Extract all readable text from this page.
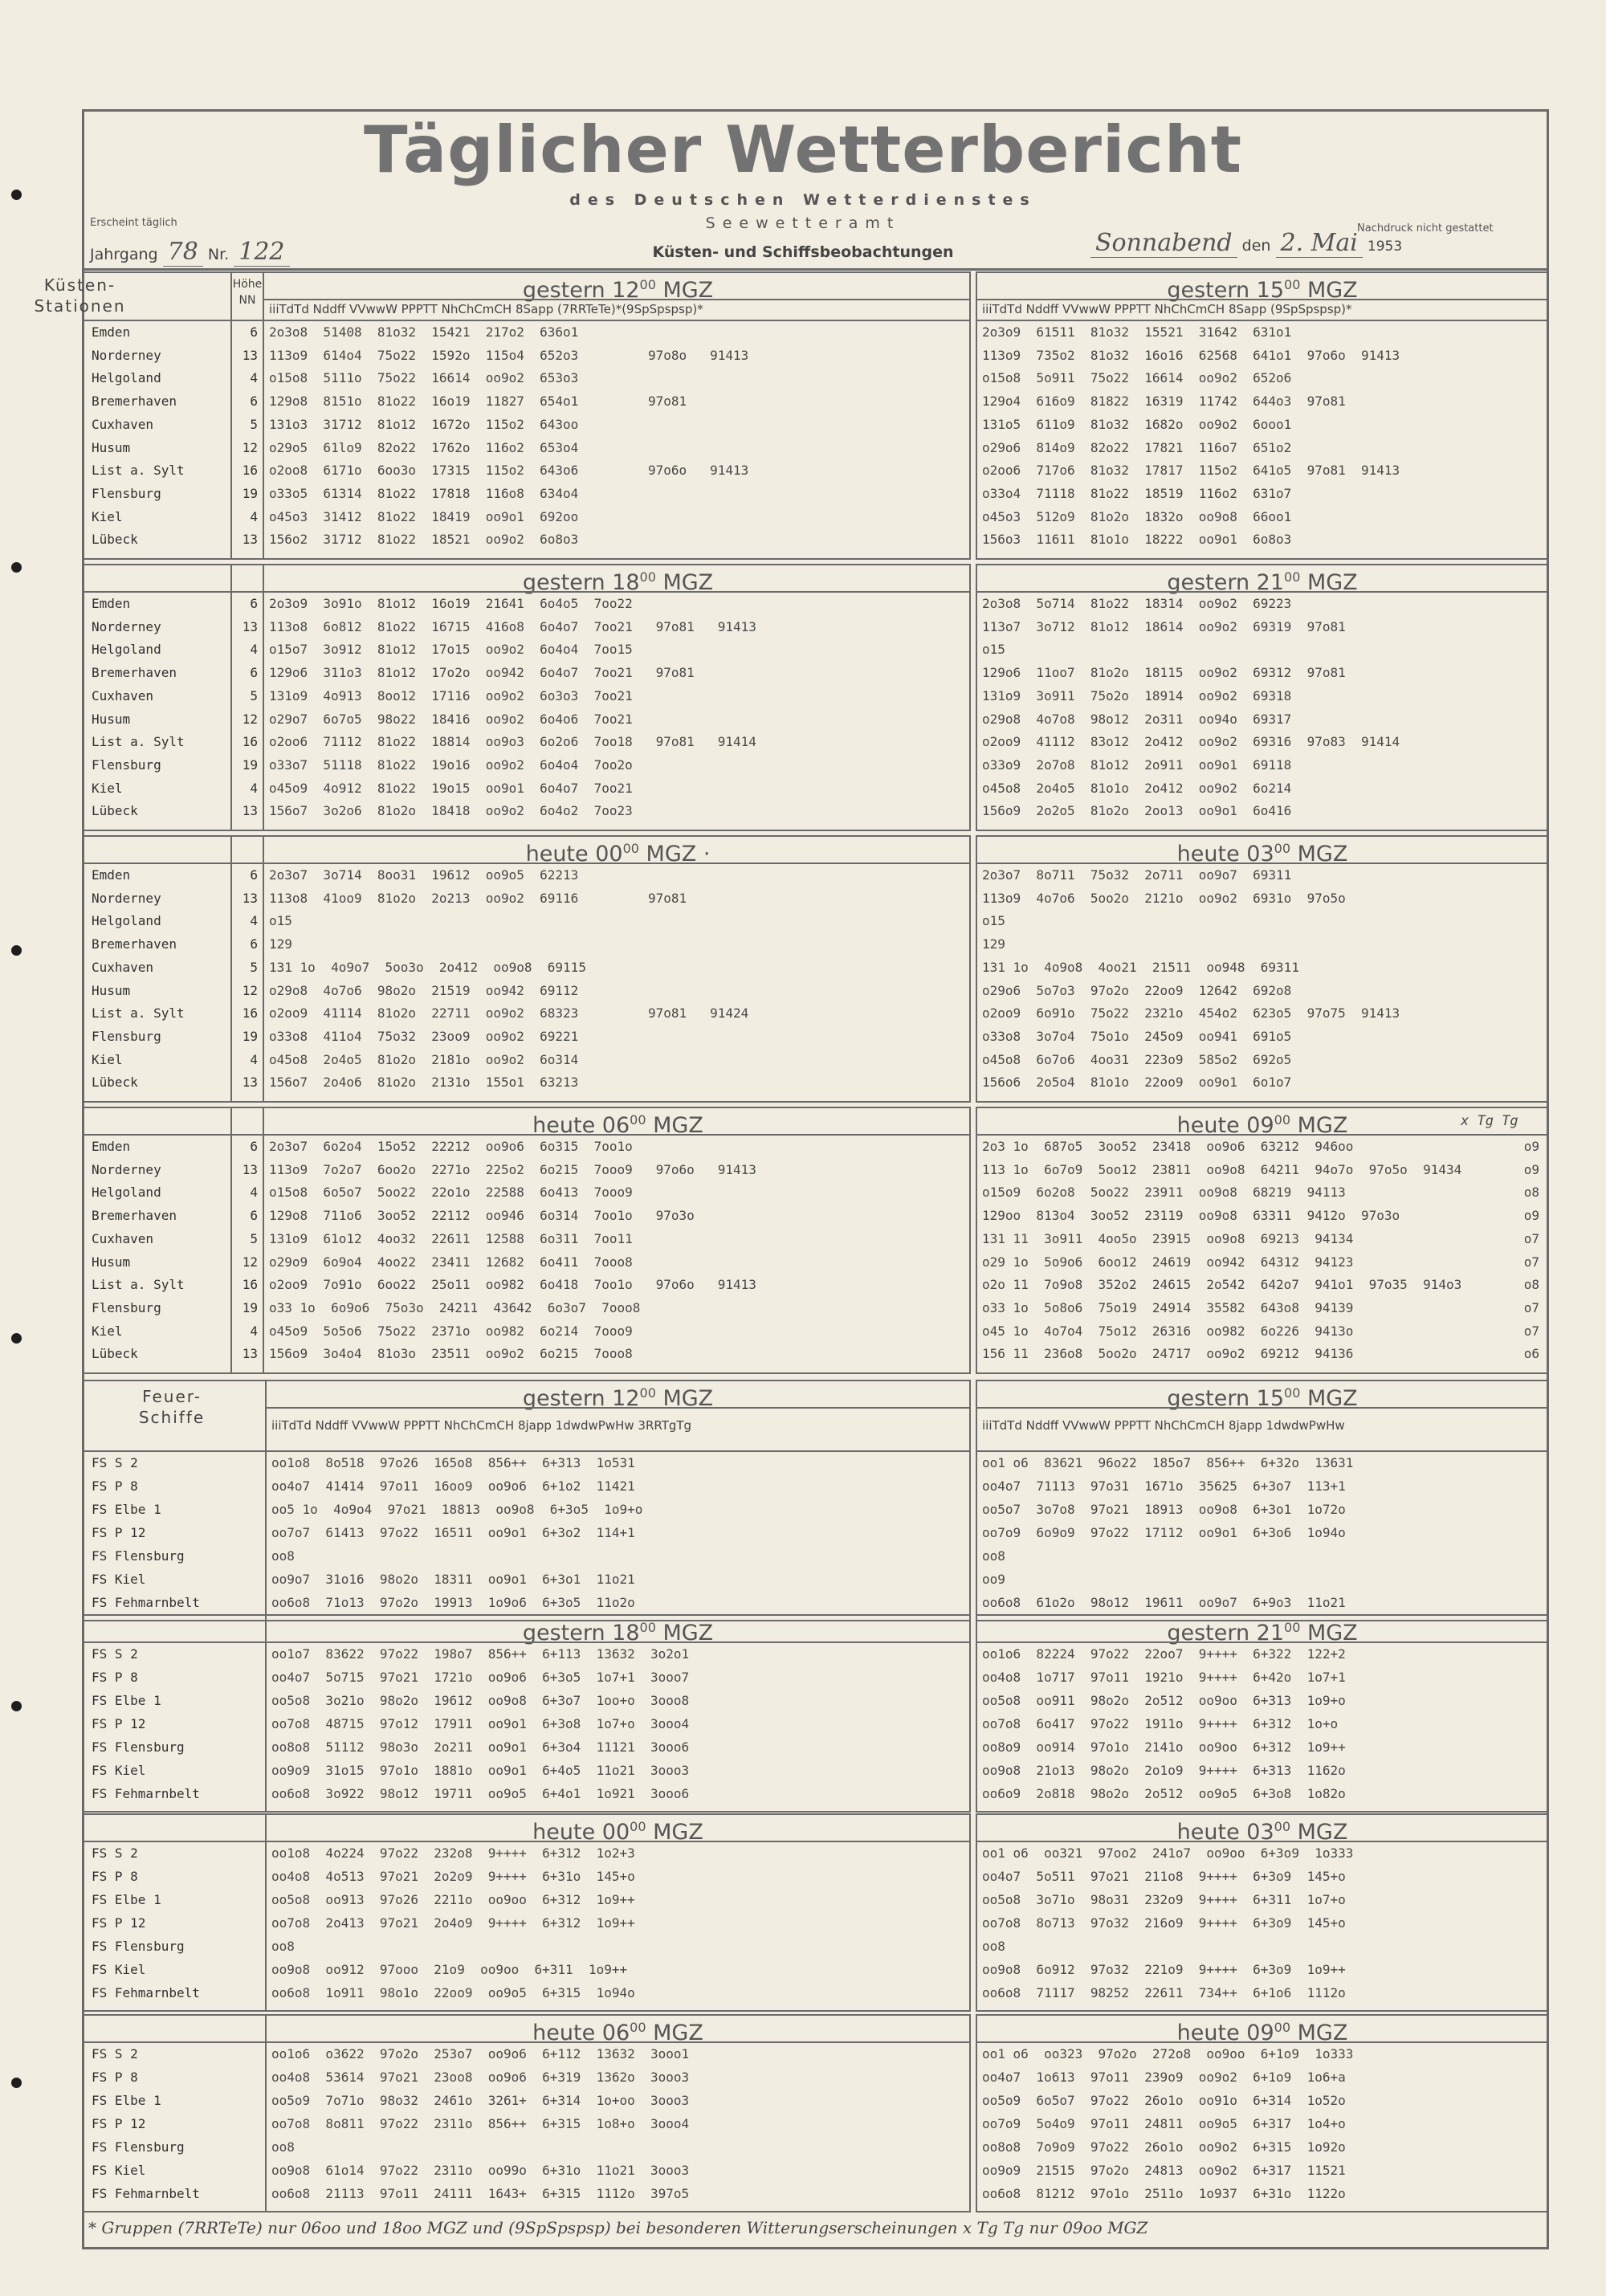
Täglicher Wetterbericht
des Deutschen Wetterdienstes
Seewetteramt
Küsten- und Schiffsbeobachtungen
Erscheint täglich
Jahrgang 78 Nr. 122
Nachdruck nicht gestattet
Sonnabend den 2. Mai 1953
gestern $12^{00}$ MGZ	gestern $15^{00}$ MGZ
Küsten-
Stationen
Höhe
NN
iiiTdTd Nddff VVwwW PPPTT NhChCmCH 8Sapp (7RRTeTe)*(9SpSpspsp)*	iiiTdTd Nddff VVwwW PPPTT NhChCmCH 8Sapp (9SpSpspsp)*
Emden	6 2o3o8  51408  81o32  15421  217o2  636o1	2o3o9  61511  81o32  15521  31642  631o1
Norderney	13 113o9  614o4  75o22  1592o  115o4  652o3         97o8o   91413	113o9  735o2  81o32  16o16  62568  641o1  97o6o  91413
Helgoland	4 o15o8  5111o  75o22  16614  oo9o2  653o3	o15o8  5o911  75o22  16614  oo9o2  652o6
Bremerhaven	6 129o8  8151o  81o22  16o19  11827  654o1         97o81	129o4  616o9  81822  16319  11742  644o3  97o81
Cuxhaven	5 131o3  31712  81o12  1672o  115o2  643oo	131o5  611o9  81o32  1682o  oo9o2  6ooo1
Husum	12 o29o5  61lo9  82o22  1762o  116o2  653o4	o29o6  814o9  82o22  17821  116o7  651o2
List a. Sylt	16 o2oo8  6171o  6oo3o  17315  115o2  643o6         97o6o   91413	o2oo6  717o6  81o32  17817  115o2  641o5  97o81  91413
Flensburg	19 o33o5  61314  81o22  17818  116o8  634o4	o33o4  71118  81o22  18519  116o2  631o7
Kiel	4 o45o3  31412  81o22  18419  oo9o1  692oo	o45o3  512o9  81o2o  1832o  oo9o8  66oo1
Lübeck	13 156o2  31712  81o22  18521  oo9o2  6o8o3	156o3  11611  81o1o  18222  oo9o1  6o8o3
gestern $18^{00}$ MGZ	gestern $21^{00}$ MGZ
Emden	6 2o3o9  3o91o  81o12  16o19  21641  6o4o5  7oo22	2o3o8  5o714  81o22  18314  oo9o2  69223
Norderney	13 113o8  6o812  81o22  16715  416o8  6o4o7  7oo21   97o81   91413	113o7  3o712  81o12  18614  oo9o2  69319  97o81
Helgoland	4 o15o7  3o912  81o12  17o15  oo9o2  6o4o4  7oo15	o15
Bremerhaven	6 129o6  311o3  81o12  17o2o  oo942  6o4o7  7oo21   97o81	129o6  11oo7  81o2o  18115  oo9o2  69312  97o81
Cuxhaven	5 131o9  4o913  8oo12  17116  oo9o2  6o3o3  7oo21	131o9  3o911  75o2o  18914  oo9o2  69318
Husum	12 o29o7  6o7o5  98o22  18416  oo9o2  6o4o6  7oo21	o29o8  4o7o8  98o12  2o311  oo94o  69317
List a. Sylt	16 o2oo6  71112  81o22  18814  oo9o3  6o2o6  7oo18   97o81   91414	o2oo9  41112  83o12  2o412  oo9o2  69316  97o83  91414
Flensburg	19 o33o7  51118  81o22  19o16  oo9o2  6o4o4  7oo2o	o33o9  2o7o8  81o12  2o911  oo9o1  69118
Kiel	4 o45o9  4o912  81o22  19o15  oo9o1  6o4o7  7oo21	o45o8  2o4o5  81o1o  2o412  oo9o2  6o214
Lübeck	13 156o7  3o2o6  81o2o  18418  oo9o2  6o4o2  7oo23	156o9  2o2o5  81o2o  2oo13  oo9o1  6o416
heute $00^{00}$ MGZ ·	heute $03^{00}$ MGZ
Emden	6 2o3o7  3o714  8oo31  19612  oo9o5  62213	2o3o7  8o711  75o32  2o711  oo9o7  69311
Norderney	13 113o8  41oo9  81o2o  2o213  oo9o2  69116         97o81	113o9  4o7o6  5oo2o  2121o  oo9o2  6931o  97o5o
Helgoland	4 o15	o15
Bremerhaven	6 129	129
Cuxhaven	5 131 1o  4o9o7  5oo3o  2o412  oo9o8  69115	131 1o  4o9o8  4oo21  21511  oo948  69311
Husum	12 o29o8  4o7o6  98o2o  21519  oo942  69112	o29o6  5o7o3  97o2o  22oo9  12642  692o8
List a. Sylt	16 o2oo9  41114  81o2o  22711  oo9o2  68323         97o81   91424	o2oo9  6o91o  75o22  2321o  454o2  623o5  97o75  91413
Flensburg	19 o33o8  411o4  75o32  23oo9  oo9o2  69221	o33o8  3o7o4  75o1o  245o9  oo941  691o5
Kiel	4 o45o8  2o4o5  81o2o  2181o  oo9o2  6o314	o45o8  6o7o6  4oo31  223o9  585o2  692o5
Lübeck	13 156o7  2o4o6  81o2o  2131o  155o1  63213	156o6  2o5o4  81o1o  22oo9  oo9o1  6o1o7
heute $06^{00}$ MGZ	heute $09^{00}$ MGZ	x Tg Tg
Emden	6 2o3o7  6o2o4  15o52  22212  oo9o6  6o315  7oo1o	2o3 1o  687o5  3oo52  23418  oo9o6  63212  946oo	o9
Norderney	13 113o9  7o2o7  6oo2o  2271o  225o2  6o215  7ooo9   97o6o   91413	113 1o  6o7o9  5oo12  23811  oo9o8  64211  94o7o  97o5o  91434	o9
Helgoland	4 o15o8  6o5o7  5oo22  22o1o  22588  6o413  7ooo9	o15o9  6o2o8  5oo22  23911  oo9o8  68219  94113	o8
Bremerhaven	6 129o8  711o6  3oo52  22112  oo946  6o314  7oo1o   97o3o	129oo  813o4  3oo52  23119  oo9o8  63311  9412o  97o3o	o9
Cuxhaven	5 131o9  61o12  4oo32  22611  12588  6o311  7oo11	131 11  3o911  4oo5o  23915  oo9o8  69213  94134	o7
Husum	12 o29o9  6o9o4  4oo22  23411  12682  6o411  7ooo8	o29 1o  5o9o6  6oo12  24619  oo942  64312  94123	o7
List a. Sylt	16 o2oo9  7o91o  6oo22  25o11  oo982  6o418  7oo1o   97o6o   91413	o2o 11  7o9o8  352o2  24615  2o542  642o7  941o1  97o35  914o3	o8
Flensburg	19 o33 1o  6o9o6  75o3o  24211  43642  6o3o7  7ooo8	o33 1o  5o8o6  75o19  24914  35582  643o8  94139	o7
Kiel	4 o45o9  5o5o6  75o22  2371o  oo982  6o214  7ooo9	o45 1o  4o7o4  75o12  26316  oo982  6o226  9413o	o7
Lübeck	13 156o9  3o4o4  81o3o  23511  oo9o2  6o215  7ooo8	156 11  236o8  5oo2o  24717  oo9o2  69212  94136	o6
gestern $12^{00}$ MGZ	gestern $15^{00}$ MGZ
Feuer-
Schiffe	iiiTdTd Nddff VVwwW PPPTT NhChCmCH 8japp 1dwdwPwHw 3RRTgTg	iiiTdTd Nddff VVwwW PPPTT NhChCmCH 8japp 1dwdwPwHw
FS S 2	oo1o8  8o518  97o26  165o8  856++  6+313  1o531	oo1 o6  83621  96o22  185o7  856++  6+32o  13631
FS P 8	oo4o7  41414  97o11  16oo9  oo9o6  6+1o2  11421	oo4o7  71113  97o31  1671o  35625  6+3o7  113+1
FS Elbe 1	oo5 1o  4o9o4  97o21  18813  oo9o8  6+3o5  1o9+o	oo5o7  3o7o8  97o21  18913  oo9o8  6+3o1  1o72o
FS P 12	oo7o7  61413  97o22  16511  oo9o1  6+3o2  114+1	oo7o9  6o9o9  97o22  17112  oo9o1  6+3o6  1o94o
FS Flensburg	oo8	oo8
FS Kiel	oo9o7  31o16  98o2o  18311  oo9o1  6+3o1  11o21	oo9
FS Fehmarnbelt	oo6o8  71o13  97o2o  19913  1o9o6  6+3o5  11o2o	oo6o8  61o2o  98o12  19611  oo9o7  6+9o3  11o21
gestern $18^{00}$ MGZ	gestern $21^{00}$ MGZ
FS S 2	oo1o7  83622  97o22  198o7  856++  6+113  13632  3o2o1	oo1o6  82224  97o22  22oo7  9++++  6+322  122+2
FS P 8	oo4o7  5o715  97o21  1721o  oo9o6  6+3o5  1o7+1  3ooo7	oo4o8  1o717  97o11  1921o  9++++  6+42o  1o7+1
FS Elbe 1	oo5o8  3o21o  98o2o  19612  oo9o8  6+3o7  1oo+o  3ooo8	oo5o8  oo911  98o2o  2o512  oo9oo  6+313  1o9+o
FS P 12	oo7o8  48715  97o12  17911  oo9o1  6+3o8  1o7+o  3ooo4	oo7o8  6o417  97o22  1911o  9++++  6+312  1o+o
FS Flensburg	oo8o8  51112  98o3o  2o211  oo9o1  6+3o4  11121  3ooo6	oo8o9  oo914  97o1o  2141o  oo9oo  6+312  1o9++
FS Kiel	oo9o9  31o15  97o1o  1881o  oo9o1  6+4o5  11o21  3ooo3	oo9o8  21o13  98o2o  2o1o9  9++++  6+313  1162o
FS Fehmarnbelt	oo6o8  3o922  98o12  19711  oo9o5  6+4o1  1o921  3ooo6	oo6o9  2o818  98o2o  2o512  oo9o5  6+3o8  1o82o
heute $00^{00}$ MGZ	heute $03^{00}$ MGZ
FS S 2	oo1o8  4o224  97o22  232o8  9++++  6+312  1o2+3	oo1 o6  oo321  97oo2  241o7  oo9oo  6+3o9  1o333
FS P 8	oo4o8  4o513  97o21  2o2o9  9++++  6+31o  145+o	oo4o7  5o511  97o21  211o8  9++++  6+3o9  145+o
FS Elbe 1	oo5o8  oo913  97o26  2211o  oo9oo  6+312  1o9++	oo5o8  3o71o  98o31  232o9  9++++  6+311  1o7+o
FS P 12	oo7o8  2o413  97o21  2o4o9  9++++  6+312  1o9++	oo7o8  8o713  97o32  216o9  9++++  6+3o9  145+o
FS Flensburg	oo8	oo8
FS Kiel	oo9o8  oo912  97ooo  21o9  oo9oo  6+311  1o9++	oo9o8  6o912  97o32  221o9  9++++  6+3o9  1o9++
FS Fehmarnbelt	oo6o8  1o911  98o1o  22oo9  oo9o5  6+315  1o94o	oo6o8  71117  98252  22611  734++  6+1o6  1112o
heute $06^{00}$ MGZ	heute $09^{00}$ MGZ
FS S 2	oo1o6  o3622  97o2o  253o7  oo9o6  6+112  13632  3ooo1	oo1 o6  oo323  97o2o  272o8  oo9oo  6+1o9  1o333
FS P 8	oo4o8  53614  97o21  23oo8  oo9o6  6+319  1362o  3ooo3	oo4o7  1o613  97o11  239o9  oo9o2  6+1o9  1o6+a
FS Elbe 1	oo5o9  7o71o  98o32  2461o  3261+  6+314  1o+oo  3ooo3	oo5o9  6o5o7  97o22  26o1o  oo91o  6+314  1o52o
FS P 12	oo7o8  8o811  97o22  2311o  856++  6+315  1o8+o  3ooo4	oo7o9  5o4o9  97o11  24811  oo9o5  6+317  1o4+o
FS Flensburg	oo8	oo8o8  7o9o9  97o22  26o1o  oo9o2  6+315  1o92o
FS Kiel	oo9o8  61o14  97o22  2311o  oo99o  6+31o  11o21  3ooo3	oo9o9  21515  97o2o  24813  oo9o2  6+317  11521
FS Fehmarnbelt	oo6o8  21113  97o11  24111  1643+  6+315  1112o  397o5	oo6o8  81212  97o1o  2511o  1o937  6+31o  1122o
* Gruppen (7RRTeTe) nur 06oo und 18oo MGZ und (9SpSpspsp) bei besonderen Witterungserscheinungen x Tg Tg nur 09oo MGZ
